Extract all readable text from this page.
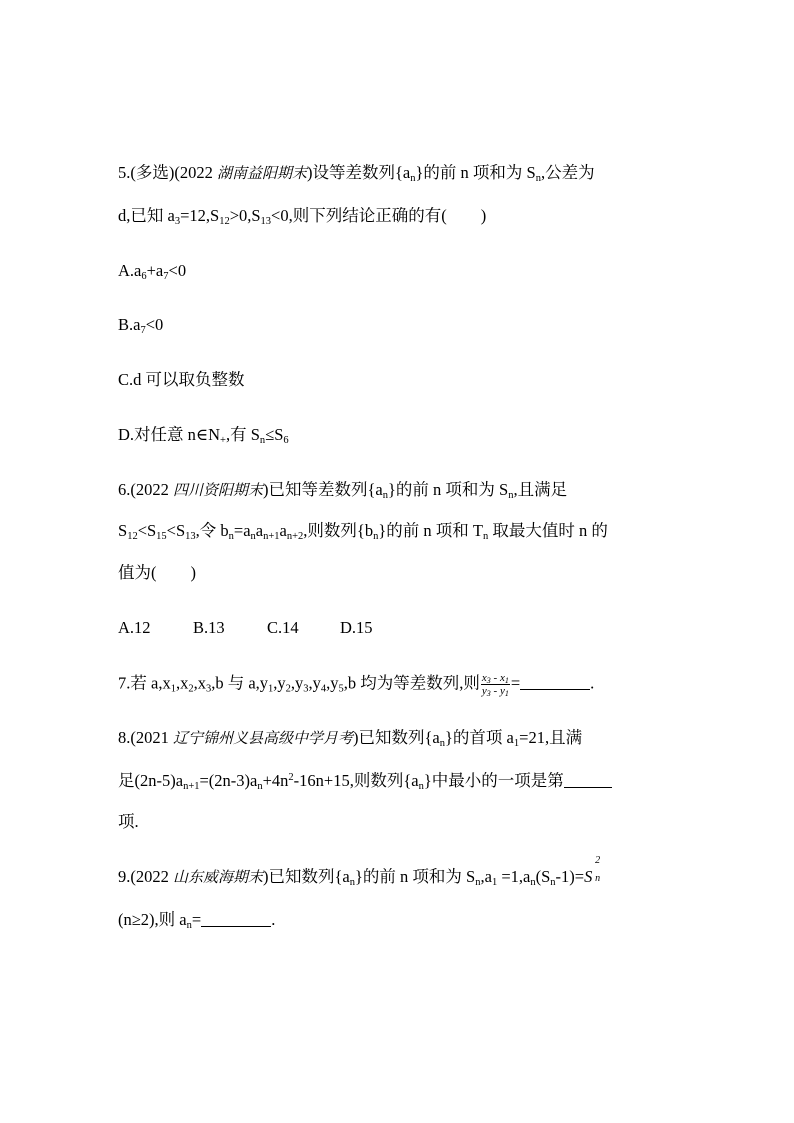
5.(多选)(2022 湖南益阳期末)设等差数列$\{a_n\}$的前 n 项和为 $S_n$,公差为
d,已知 $a_3=12,S_{12}>0,S_{13}<0$,则下列结论正确的有( )
$A.a_6+a_7<0$
$B.a_7<0$
C.d 可以取负整数
D.对任意 $n\in N_+$,有 $S_n\le S_6$
6.(2022 四川资阳期末)已知等差数列$\{a_n\}$的前 n 项和为 $S_n$,且满足
$S_{12}<S_{15}<S_{13}$,令 $b_n=a_na_{n+1}a_{n+2}$,则数列$\{b_n\}$的前 n 项和 $T_n$ 取最大值时 n 的
值为( )
A.12	B.13	C.14	D.15
7.若 $a,x_1,x_2,x_3,b$ 与 $a,y_1,y_2,y_3,y_4,y_5,b$ 均为等差数列,则 $\frac{x_3 - x_1}{y_3 - y_1}$ =	.
8.(2021 辽宁锦州义县高级中学月考)已知数列$\{a_n\}$的首项 $a_1=21$,且满
足$(2n-5)a_{n+1}=(2n-3)a_n+4n^2-16n+15$,则数列$\{a_n\}$中最小的一项是第
项.
9.(2022 山东威海期末)已知数列$\{a_n\}$的前 n 项和为 $S_n,a_1 =1,a_n(S_n-1)=S$
2
n
(n≥2),则 $a_n=$	.
